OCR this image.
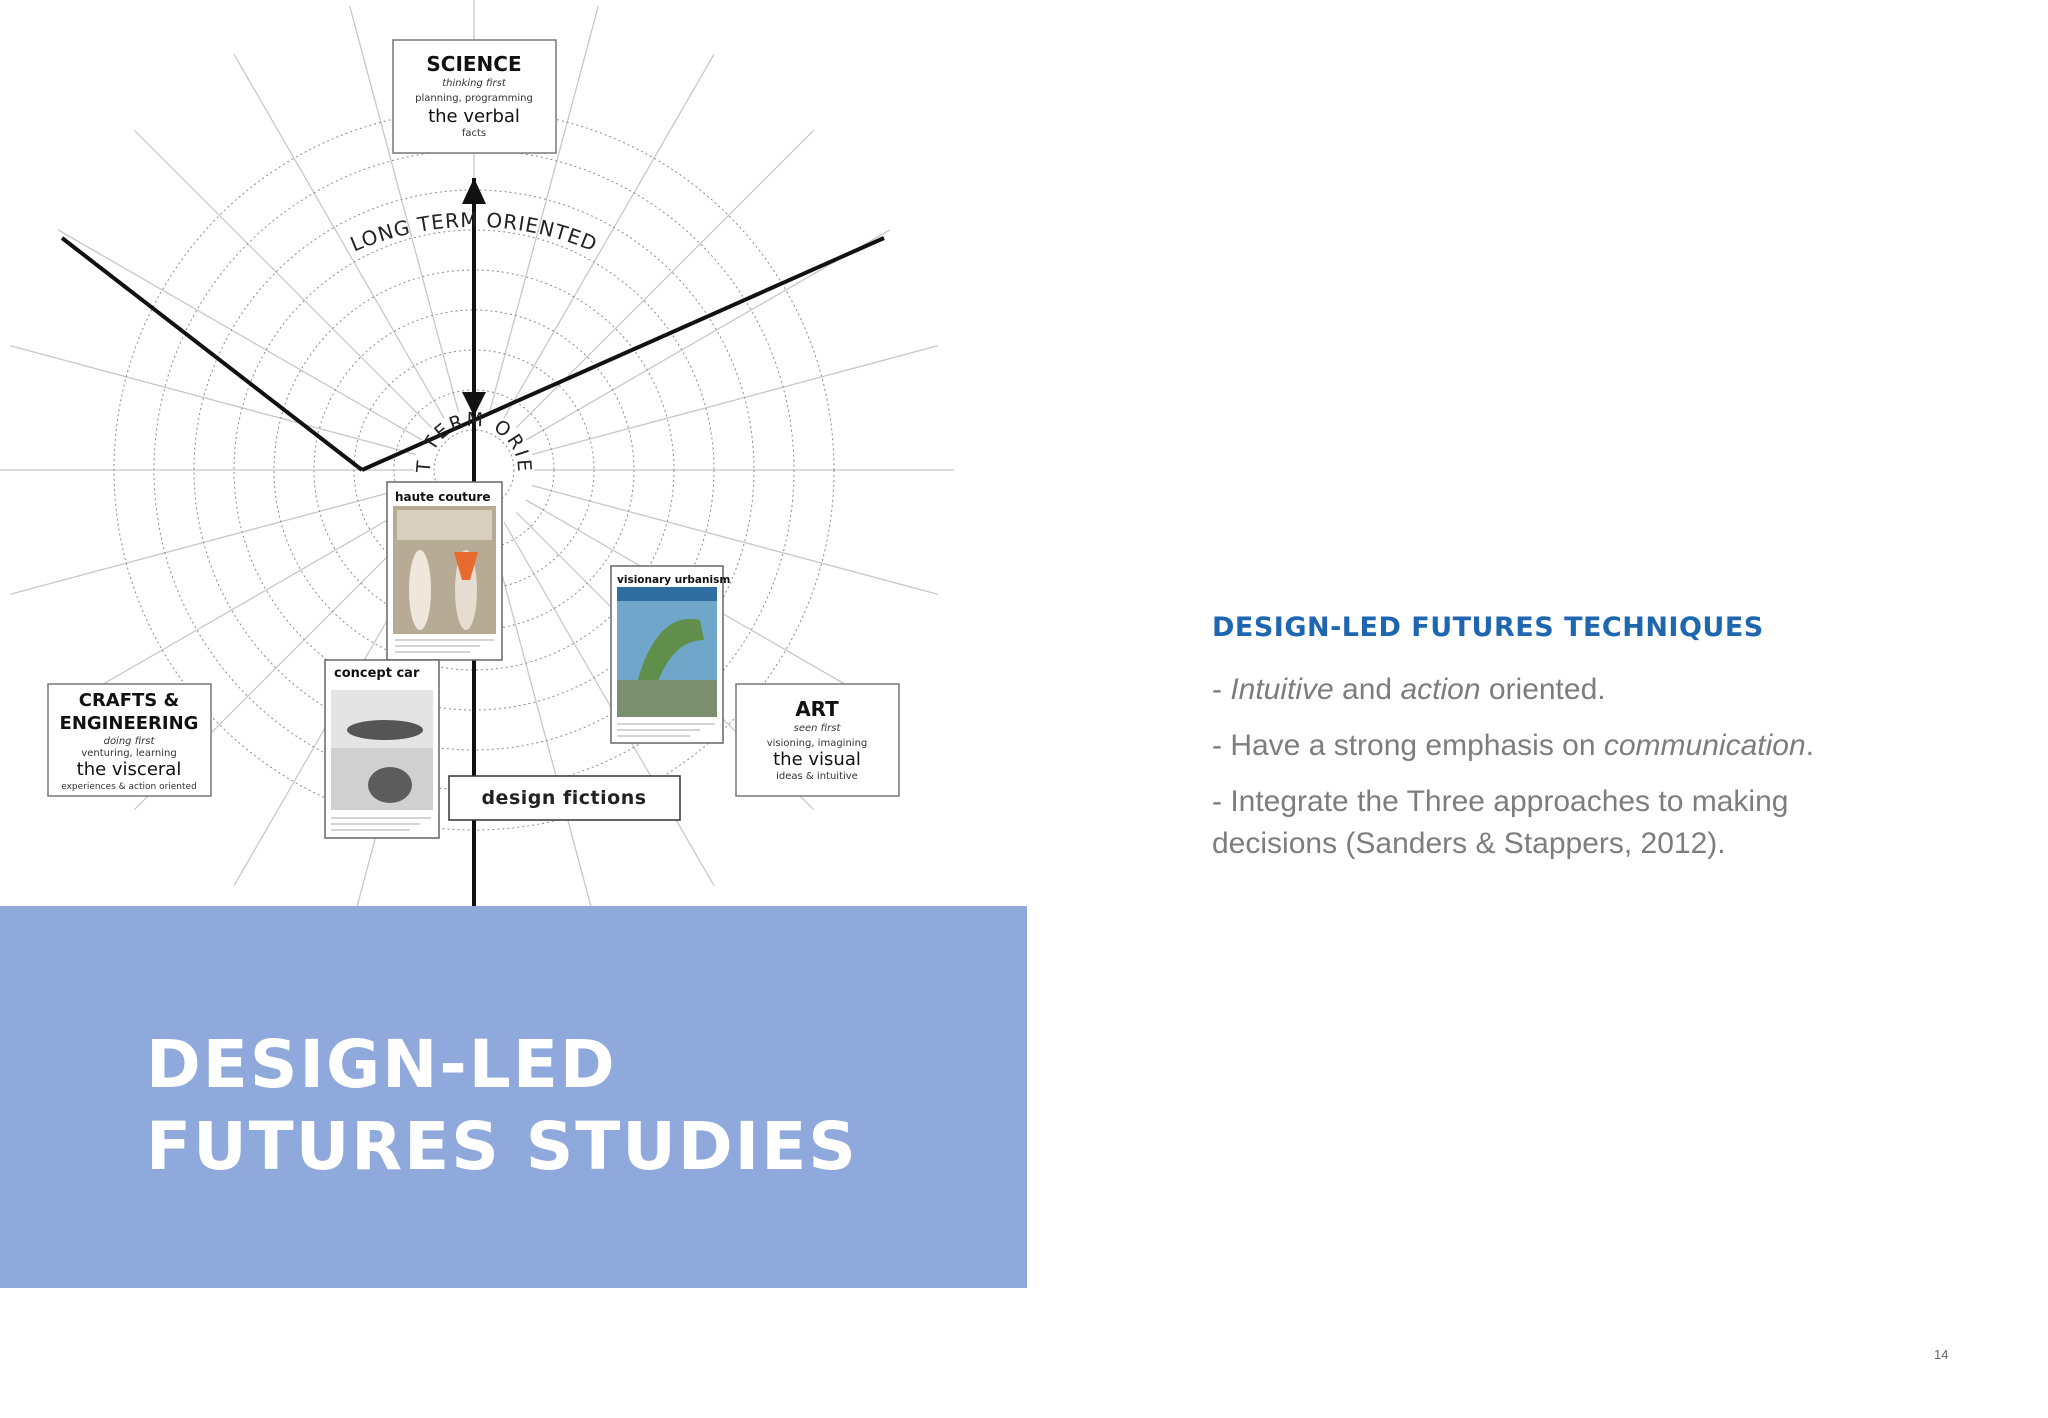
LONG TERM ORIENTED
SHORT TERM ORIENTED
SCIENCE
thinking first
planning, programming
the verbal
facts
CRAFTS &
ENGINEERING
doing first
venturing, learning
the visceral
experiences & action oriented
ART
seen first
visioning, imagining
the visual
ideas & intuitive
haute couture
visionary urbanism
concept car
design fictions
DESIGN-LED
FUTURES STUDIES
DESIGN-LED FUTURES TECHNIQUES

- Intuitive and action oriented.

- Have a strong emphasis on communication.

- Integrate the Three approaches to making decisions (Sanders & Stappers, 2012).

14
